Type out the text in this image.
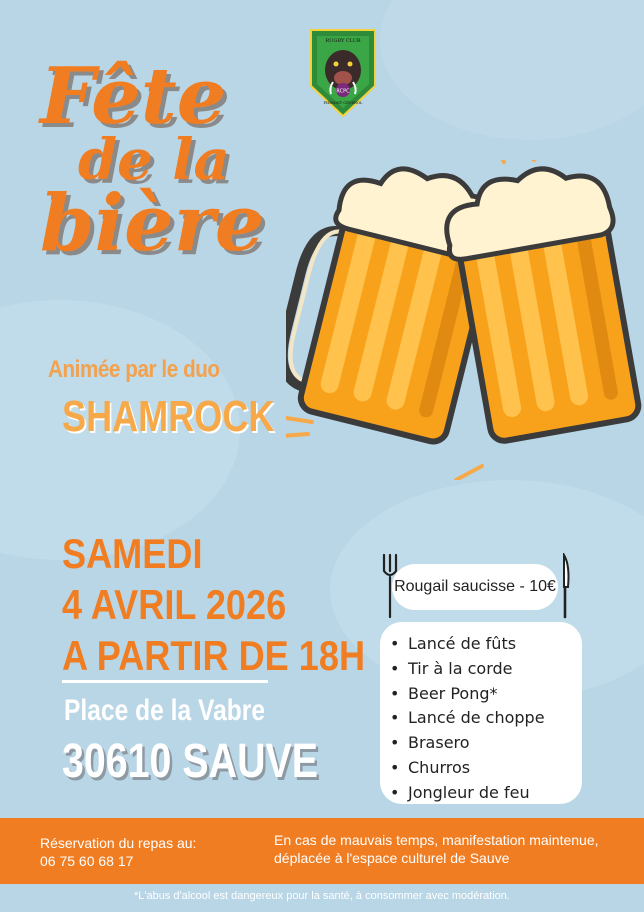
RCPC
RUGBY CLUB
PIEMONT CÉVENOL
Fête
de la
bière
Animée par le duo
SHAMROCK
SAMEDI
4 AVRIL 2026
A PARTIR DE 18H
Place de la Vabre
30610 SAUVE
Rougail saucisse - 10€
• Lancé de fûts
• Tir à la corde
• Beer Pong*
• Lancé de choppe
• Brasero
• Churros
• Jongleur de feu
Réservation du repas au:
06 75 60 68 17
En cas de mauvais temps, manifestation maintenue, déplacée à l'espace culturel de Sauve
*L'abus d'alcool est dangereux pour la santé, à consommer avec modération.
